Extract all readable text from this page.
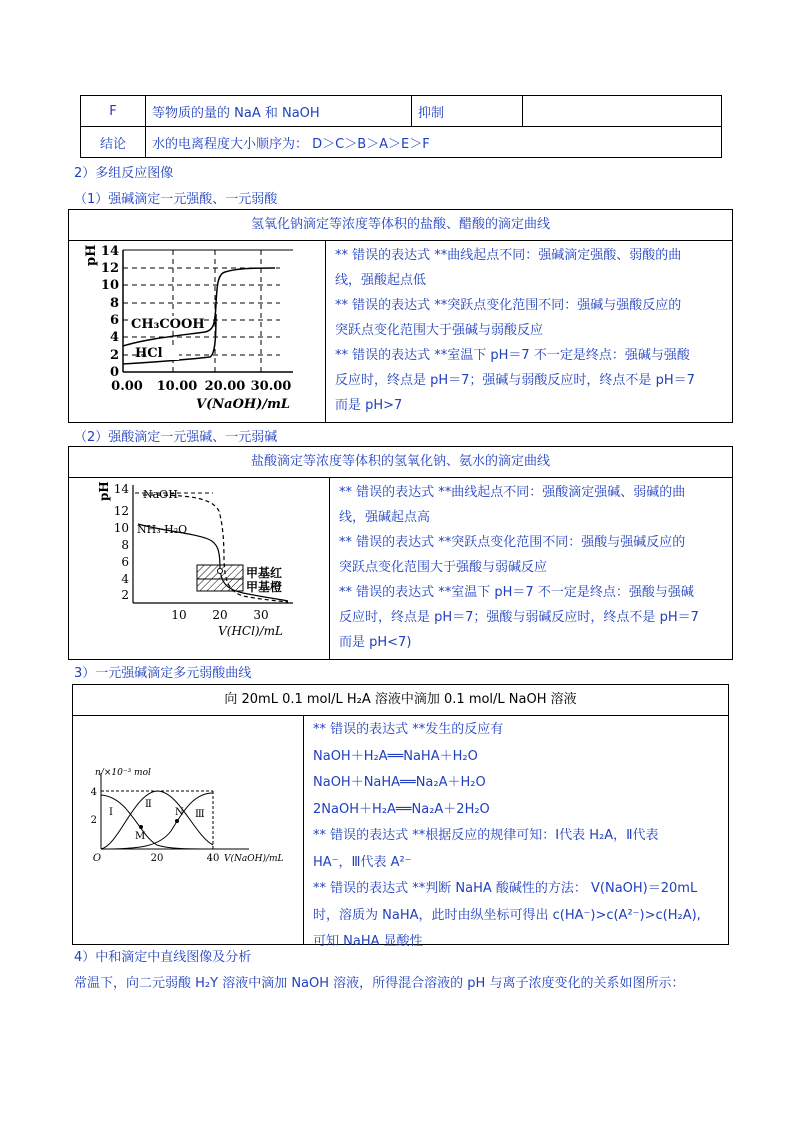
F	等物质的量的 NaA 和 NaOH	抑制	
结论	水的电离程度大小顺序为： D＞C＞B＞A＞E＞F		
2）多组反应图像
（1）强碱滴定一元强酸、一元弱酸
氢氧化钠滴定等浓度等体积的盐酸、醋酸的滴定曲线
pH
0
2
4
6
8
10
12
14
0.00 10.00 20.00 30.00
V(NaOH)/mL
CH₃COOH
HCl

** 错误的表达式 **曲线起点不同：强碱滴定强酸、弱酸的曲

线，强酸起点低

** 错误的表达式 **突跃点变化范围不同：强碱与强酸反应的

突跃点变化范围大于强碱与弱酸反应

** 错误的表达式 **室温下 pH＝7 不一定是终点：强碱与强酸

反应时，终点是 pH＝7；强碱与弱酸反应时，终点不是 pH＝7

而是 pH>7

（2）强酸滴定一元强碱、一元弱碱
盐酸滴定等浓度等体积的氢氧化钠、氨水的滴定曲线
甲基红
甲基橙
NaOH
NH₃·H₂O
pH
2
4
6
8
10
12
14
10 20 30
V(HCl)/mL

** 错误的表达式 **曲线起点不同：强酸滴定强碱、弱碱的曲

线，强碱起点高

** 错误的表达式 **突跃点变化范围不同：强酸与强碱反应的

突跃点变化范围大于强酸与弱碱反应

** 错误的表达式 **室温下 pH＝7 不一定是终点：强酸与强碱

反应时，终点是 pH＝7；强酸与弱碱反应时，终点不是 pH＝7

而是 pH<7)

3）一元强碱滴定多元弱酸曲线
向 20mL 0.1 mol/L H₂A 溶液中滴加 0.1 mol/L NaOH 溶液
n/×10⁻³ mol
4
2
O	20	40 V(NaOH)/mL
Ⅰ
Ⅱ
Ⅲ
M
N

** 错误的表达式 **发生的反应有

NaOH＋H₂A══NaHA＋H₂O

NaOH＋NaHA══Na₂A＋H₂O

2NaOH＋H₂A══Na₂A＋2H₂O

** 错误的表达式 **根据反应的规律可知：Ⅰ代表 H₂A，Ⅱ代表

HA⁻，Ⅲ代表 A²⁻

** 错误的表达式 **判断 NaHA 酸碱性的方法： V(NaOH)＝20mL

时，溶质为 NaHA，此时由纵坐标可得出 c(HA⁻)>c(A²⁻)>c(H₂A),

可知 NaHA 显酸性

4）中和滴定中直线图像及分析
常温下，向二元弱酸 H₂Y 溶液中滴加 NaOH 溶液，所得混合溶液的 pH 与离子浓度变化的关系如图所示：
